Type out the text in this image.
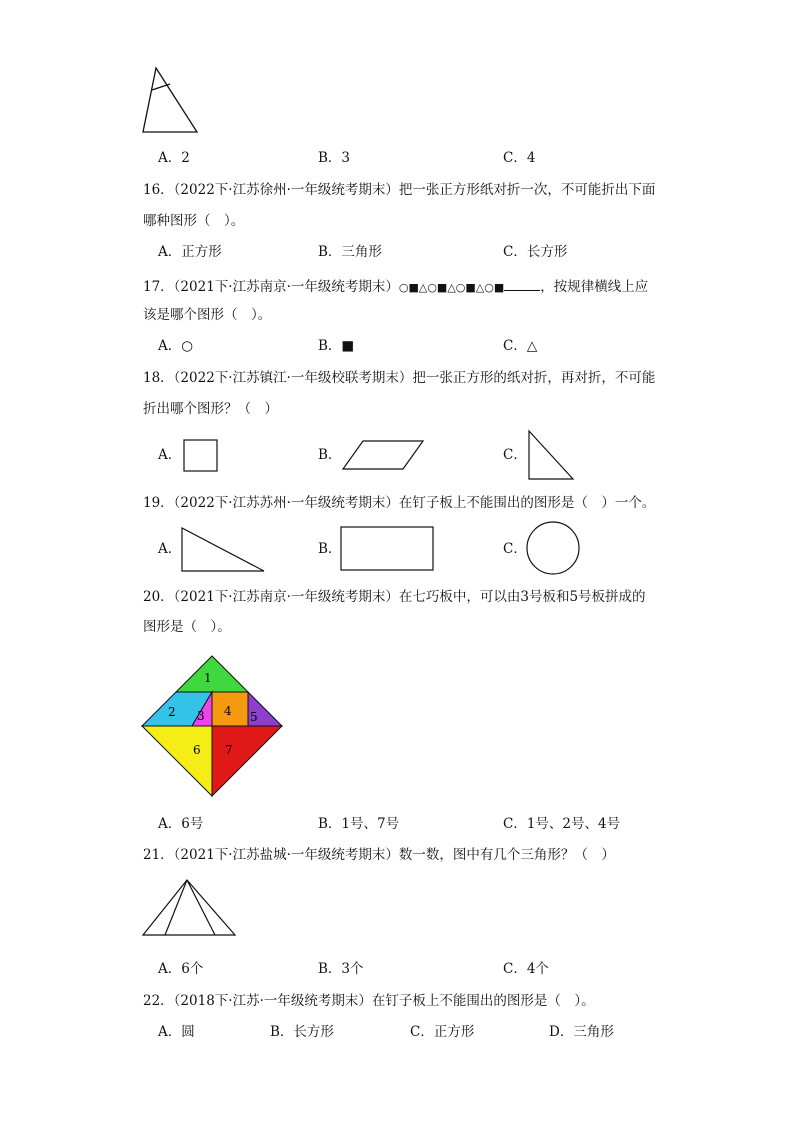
A．2	B．3	C．4
16．（2022下·江苏徐州·一年级统考期末）把一张正方形纸对折一次，不可能折出下面
哪种图形（　）。
A．正方形	B．三角形	C．长方形
17．（2021下·江苏南京·一年级统考期末）○■△○■△○■△○■	，按规律横线上应
该是哪个图形（　）。
A．○	B．■	C．△
18．（2022下·江苏镇江·一年级校联考期末）把一张正方形的纸对折，再对折，不可能
折出哪个图形？（　）
A．	B．	C．
19．（2022下·江苏苏州·一年级统考期末）在钉子板上不能围出的图形是（　）一个。
A．	B．	C．
20．（2021下·江苏南京·一年级统考期末）在七巧板中，可以由3号板和5号板拼成的
图形是（　）。
1
2 3 4 5
6 7
A．6号	B．1号、7号	C．1号、2号、4号
21．（2021下·江苏盐城·一年级统考期末）数一数，图中有几个三角形？（　）
A．6个	B．3个	C．4个
22．（2018下·江苏·一年级统考期末）在钉子板上不能围出的图形是（　）。
A．圆	B．长方形	C．正方形	D．三角形
